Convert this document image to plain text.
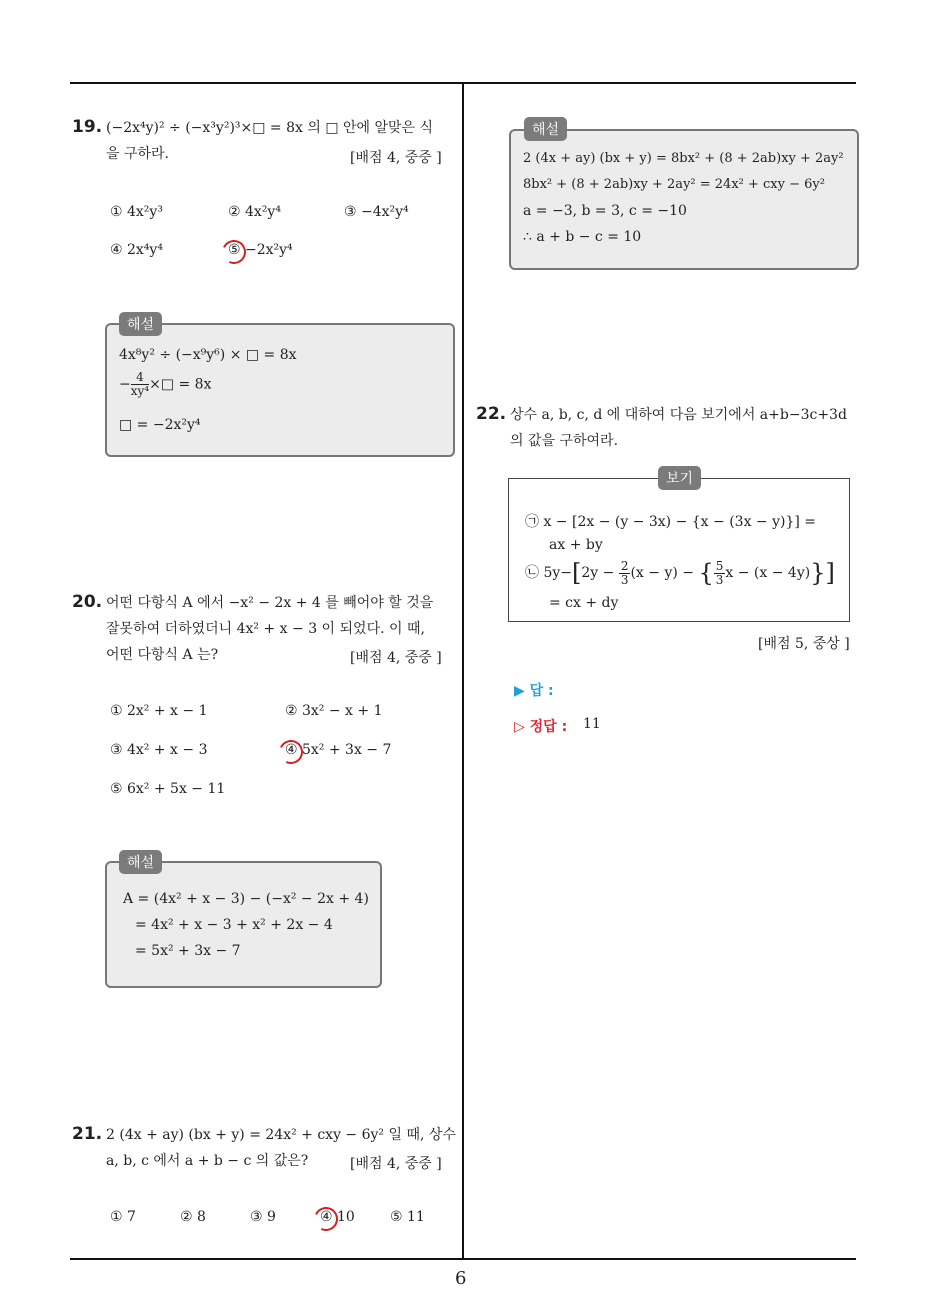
6
19. (−2x⁴y)² ÷ (−x³y²)³×□ = 8x 의 □ 안에 알맞은 식
을 구하라.	[배점 4, 중중 ]
① 4x²y³	② 4x²y⁴	③ −4x²y⁴
④ 2x⁴y⁴	⑤ −2x²y⁴
4x⁸y² ÷ (−x⁹y⁶) × □ = 8x
− $\frac{4}{\text{xy⁴}}$ ×□ = 8x
□ = −2x²y⁴
해설
20. 어떤 다항식 A 에서 −x² − 2x + 4 를 빼어야 할 것을
잘못하여 더하였더니 4x² + x − 3 이 되었다. 이 때,
어떤 다항식 A 는?	[배점 4, 중중 ]
① 2x² + x − 1	② 3x² − x + 1
③ 4x² + x − 3	④ 5x² + 3x − 7
⑤ 6x² + 5x − 11
A = (4x² + x − 3) − (−x² − 2x + 4)
= 4x² + x − 3 + x² + 2x − 4
= 5x² + 3x − 7
해설
21. 2 (4x + ay) (bx + y) = 24x² + cxy − 6y² 일 때, 상수
a, b, c 에서 a + b − c 의 값은?	[배점 4, 중중 ]
① 7	② 8	③ 9	④ 10	⑤ 11
2 (4x + ay) (bx + y) = 8bx² + (8 + 2ab)xy + 2ay²
8bx² + (8 + 2ab)xy + 2ay² = 24x² + cxy − 6y²
a = −3, b = 3, c = −10
∴ a + b − c = 10
해설
22. 상수 a, b, c, d 에 대하여 다음 보기에서 a+b−3c+3d
의 값을 구하여라.
㉠ x − [2x − (y − 3x) − {x − (3x − y)}] =
ax + by
㉡ $5y-[2y - \frac{2}{3} (x - y)$ − { $\frac{5}{3}$ x − (x − 4y)}]
= cx + dy
보기
[배점 5, 중상 ]
▶ 답 :
▷ 정답 : 11
